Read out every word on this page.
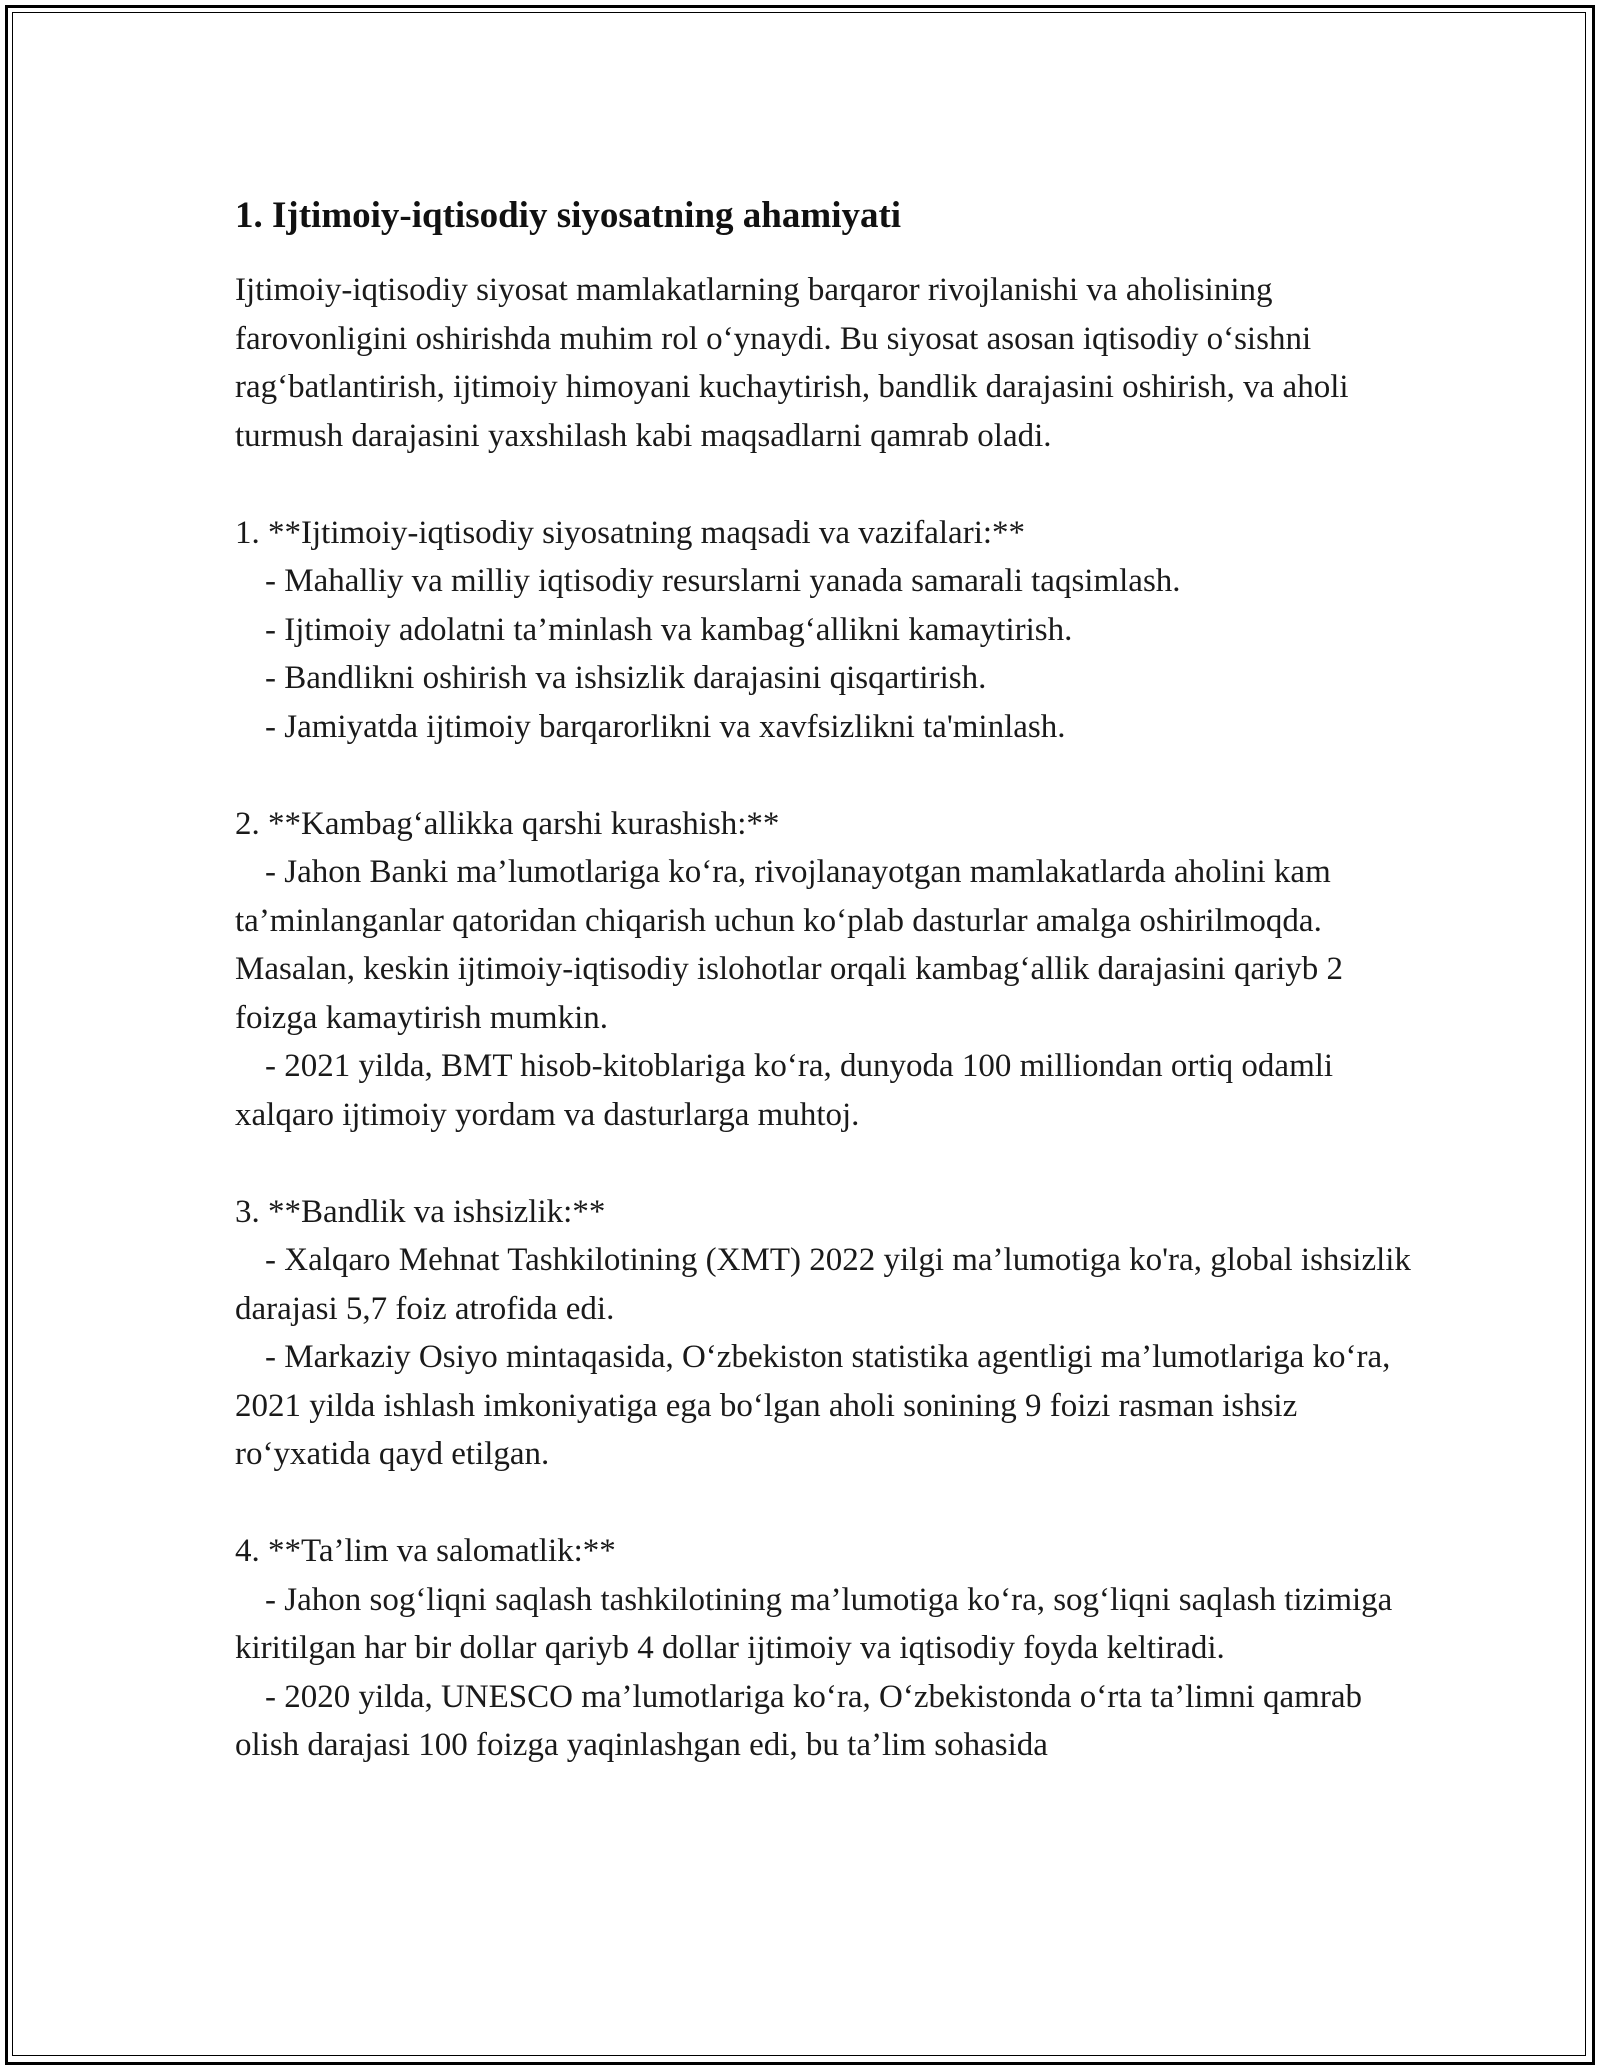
1. Ijtimoiy-iqtisodiy siyosatning ahamiyati

Ijtimoiy-iqtisodiy siyosat mamlakatlarning barqaror rivojlanishi va aholisining farovonligini oshirishda muhim rol oʻynaydi. Bu siyosat asosan iqtisodiy oʻsishni ragʻbatlantirish, ijtimoiy himoyani kuchaytirish, bandlik darajasini oshirish, va aholi turmush darajasini yaxshilash kabi maqsadlarni qamrab oladi.

1. **Ijtimoiy-iqtisodiy siyosatning maqsadi va vazifalari:**

- Mahalliy va milliy iqtisodiy resurslarni yanada samarali taqsimlash.

- Ijtimoiy adolatni ta’minlash va kambagʻallikni kamaytirish.

- Bandlikni oshirish va ishsizlik darajasini qisqartirish.

- Jamiyatda ijtimoiy barqarorlikni va xavfsizlikni ta'minlash.

2. **Kambagʻallikka qarshi kurashish:**

- Jahon Banki ma’lumotlariga koʻra, rivojlanayotgan mamlakatlarda aholini kam ta’minlanganlar qatoridan chiqarish uchun koʻplab dasturlar amalga oshirilmoqda. Masalan, keskin ijtimoiy-iqtisodiy islohotlar orqali kambagʻallik darajasini qariyb 2 foizga kamaytirish mumkin.

- 2021 yilda, BMT hisob-kitoblariga koʻra, dunyoda 100 milliondan ortiq odamli xalqaro ijtimoiy yordam va dasturlarga muhtoj.

3. **Bandlik va ishsizlik:**

- Xalqaro Mehnat Tashkilotining (XMT) 2022 yilgi ma’lumotiga ko'ra, global ishsizlik darajasi 5,7 foiz atrofida edi.

- Markaziy Osiyo mintaqasida, Oʻzbekiston statistika agentligi ma’lumotlariga koʻra, 2021 yilda ishlash imkoniyatiga ega boʻlgan aholi sonining 9 foizi rasman ishsiz roʻyxatida qayd etilgan.

4. **Ta’lim va salomatlik:**

- Jahon sogʻliqni saqlash tashkilotining ma’lumotiga koʻra, sogʻliqni saqlash tizimiga kiritilgan har bir dollar qariyb 4 dollar ijtimoiy va iqtisodiy foyda keltiradi.

- 2020 yilda, UNESCO ma’lumotlariga koʻra, Oʻzbekistonda oʻrta ta’limni qamrab olish darajasi 100 foizga yaqinlashgan edi, bu ta’lim sohasida
